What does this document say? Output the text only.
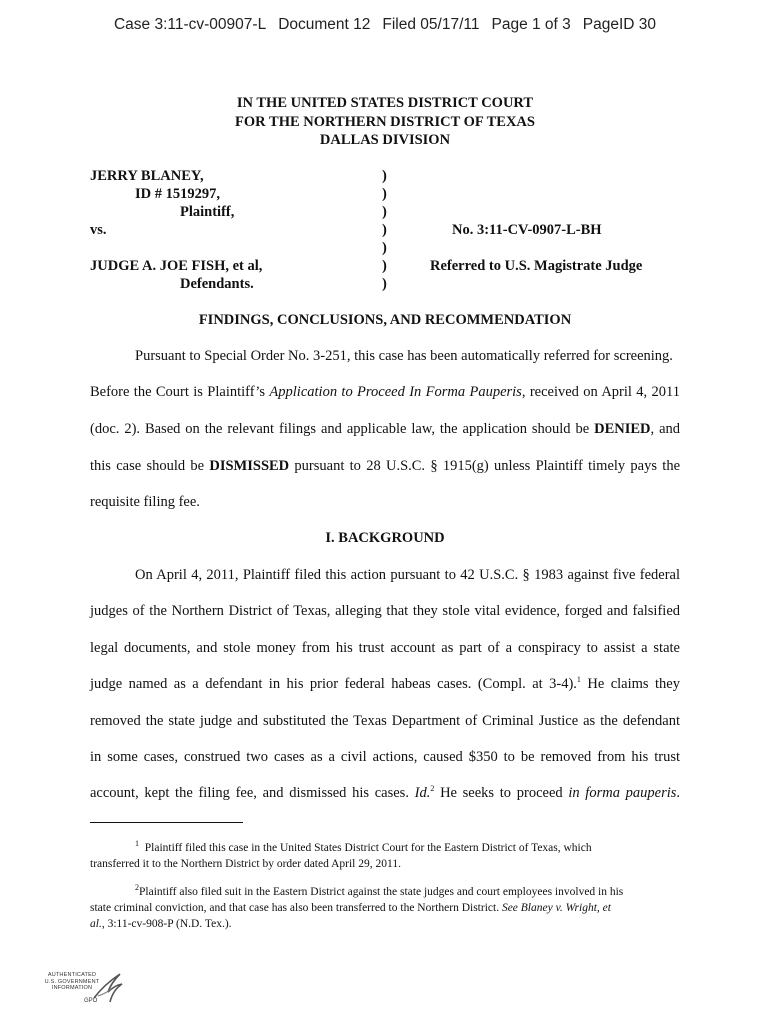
Case 3:11-cv-00907-L Document 12 Filed 05/17/11 Page 1 of 3 PageID 30
IN THE UNITED STATES DISTRICT COURT
FOR THE NORTHERN DISTRICT OF TEXAS
DALLAS DIVISION
JERRY BLANEY,
ID # 1519297,
Plaintiff,
vs.
JUDGE A. JOE FISH, et al,
Defendants.
)
)
)
)
)
)
)
No. 3:11-CV-0907-L-BH
Referred to U.S. Magistrate Judge
FINDINGS, CONCLUSIONS, AND RECOMMENDATION
Pursuant to Special Order No. 3-251, this case has been automatically referred for screening.
Before the Court is Plaintiff’s Application to Proceed In Forma Pauperis, received on April 4, 2011
(doc. 2). Based on the relevant filings and applicable law, the application should be DENIED, and
this case should be DISMISSED pursuant to 28 U.S.C. § 1915(g) unless Plaintiff timely pays the
requisite filing fee.
I. BACKGROUND
On April 4, 2011, Plaintiff filed this action pursuant to 42 U.S.C. § 1983 against five federal
judges of the Northern District of Texas, alleging that they stole vital evidence, forged and falsified
legal documents, and stole money from his trust account as part of a conspiracy to assist a state
judge named as a defendant in his prior federal habeas cases. (Compl. at 3-4).$^1$ He claims they
removed the state judge and substituted the Texas Department of Criminal Justice as the defendant
in some cases, construed two cases as a civil actions, caused $350 to be removed from his trust
account, kept the filing fee, and dismissed his cases. Id.$^2$ He seeks to proceed in forma pauperis.
$^1$ Plaintiff filed this case in the United States District Court for the Eastern District of Texas, which
transferred it to the Northern District by order dated April 29, 2011.
$^2$Plaintiff also filed suit in the Eastern District against the state judges and court employees involved in his
state criminal conviction, and that case has also been transferred to the Northern District. See Blaney v. Wright, et
al., 3:11-cv-908-P (N.D. Tex.).
AUTHENTICATED
U.S. GOVERNMENT
INFORMATION
GPO
